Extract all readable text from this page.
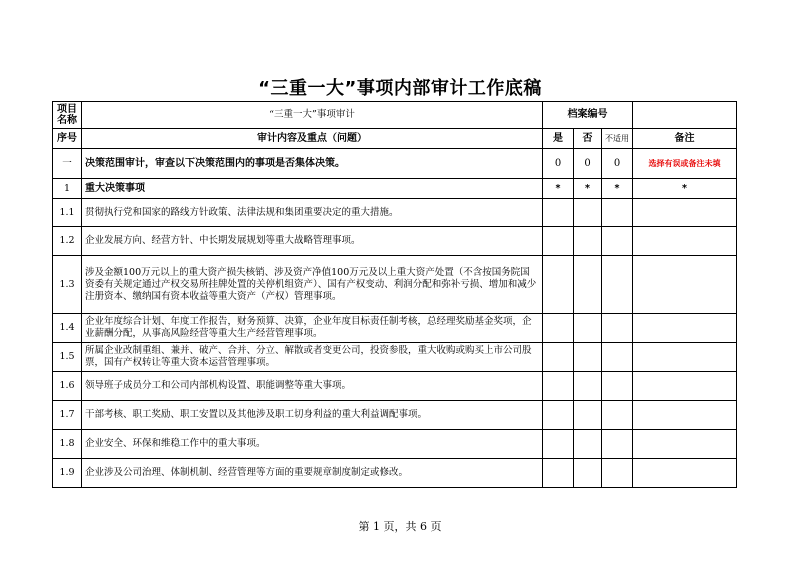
“三重一大”事项内部审计工作底稿
项目名称	“三重一大”事项审计	档案编号			
序号	审计内容及重点（问题）	是	否	不适用	备注
一	决策范围审计，审查以下决策范围内的事项是否集体决策。	0	0	0	选择有误或备注未填
1	重大决策事项	*	*	*	*
1.1	贯彻执行党和国家的路线方针政策、法律法规和集团重要决定的重大措施。				
1.2	企业发展方向、经营方针、中长期发展规划等重大战略管理事项。				
1.3	涉及金额100万元以上的重大资产损失核销、涉及资产净值100万元及以上重大资产处置（不含按国务院国资委有关规定通过产权交易所挂牌处置的关停机组资产）、国有产权变动、利润分配和弥补亏损、增加和减少注册资本、缴纳国有资本收益等重大资产（产权）管理事项。				
1.4	企业年度综合计划、年度工作报告，财务预算、决算，企业年度目标责任制考核，总经理奖励基金奖项，企业薪酬分配，从事高风险经营等重大生产经营管理事项。				
1.5	所属企业改制重组、兼并、破产、合并、分立、解散或者变更公司，投资参股，重大收购或购买上市公司股票，国有产权转让等重大资本运营管理事项。				
1.6	领导班子成员分工和公司内部机构设置、职能调整等重大事项。				
1.7	干部考核、职工奖励、职工安置以及其他涉及职工切身利益的重大利益调配事项。				
1.8	企业安全、环保和维稳工作中的重大事项。				
1.9	企业涉及公司治理、体制机制、经营管理等方面的重要规章制度制定或修改。				
第 1 页，共 6 页
